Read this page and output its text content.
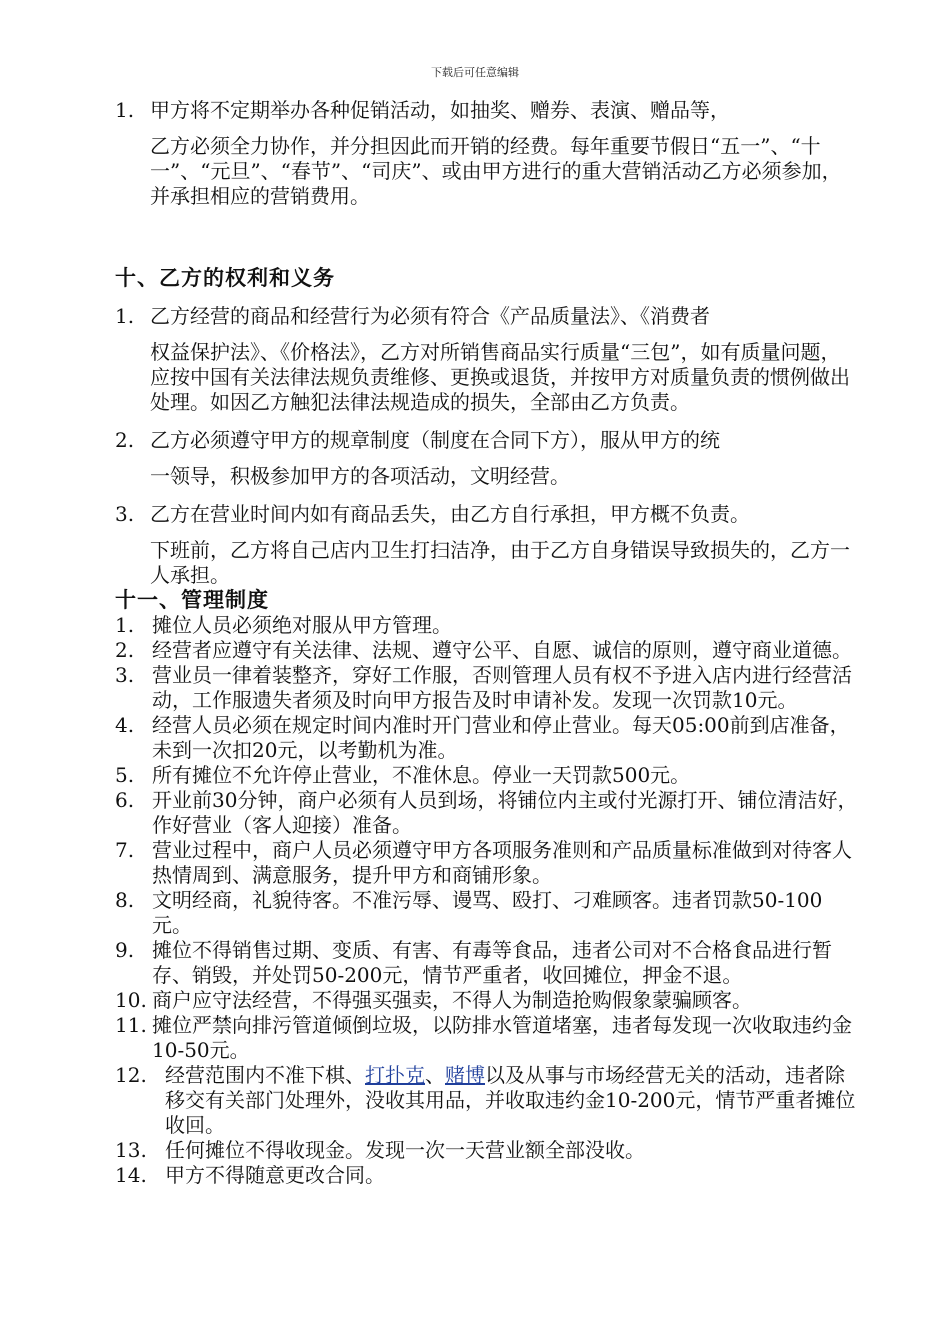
下载后可任意编辑
1. 甲方将不定期举办各种促销活动，如抽奖、赠券、表演、赠品等，
乙方必须全力协作，并分担因此而开销的经费。每年重要节假日“五一”、“十一”、“元旦”、“春节”、“司庆”、或由甲方进行的重大营销活动乙方必须参加，并承担相应的营销费用。
十、乙方的权利和义务
1. 乙方经营的商品和经营行为必须有符合《产品质量法》、《消费者
权益保护法》、《价格法》，乙方对所销售商品实行质量“三包”，如有质量问题，应按中国有关法律法规负责维修、更换或退货，并按甲方对质量负责的惯例做出处理。如因乙方触犯法律法规造成的损失，全部由乙方负责。
2. 乙方必须遵守甲方的规章制度（制度在合同下方），服从甲方的统
一领导，积极参加甲方的各项活动，文明经营。
3. 乙方在营业时间内如有商品丢失，由乙方自行承担，甲方概不负责。
下班前，乙方将自己店内卫生打扫洁净，由于乙方自身错误导致损失的，乙方一人承担。
十一、管理制度
1. 摊位人员必须绝对服从甲方管理。
2. 经营者应遵守有关法律、法规、遵守公平、自愿、诚信的原则，遵守商业道德。
3. 营业员一律着装整齐，穿好工作服，否则管理人员有权不予进入店内进行经营活动，工作服遗失者须及时向甲方报告及时申请补发。发现一次罚款10元。
4. 经营人员必须在规定时间内准时开门营业和停止营业。每天05:00前到店准备，未到一次扣20元，以考勤机为准。
5. 所有摊位不允许停止营业，不准休息。停业一天罚款500元。
6. 开业前30分钟，商户必须有人员到场，将铺位内主或付光源打开、铺位清洁好，作好营业（客人迎接）准备。
7. 营业过程中，商户人员必须遵守甲方各项服务准则和产品质量标准做到对待客人热情周到、满意服务，提升甲方和商铺形象。
8. 文明经商，礼貌待客。不准污辱、谩骂、殴打、刁难顾客。违者罚款50-100元。
9. 摊位不得销售过期、变质、有害、有毒等食品，违者公司对不合格食品进行暂存、销毁，并处罚50-200元，情节严重者，收回摊位，押金不退。
10. 商户应守法经营，不得强买强卖，不得人为制造抢购假象蒙骗顾客。
11. 摊位严禁向排污管道倾倒垃圾，以防排水管道堵塞，违者每发现一次收取违约金10-50元。
12. 经营范围内不准下棋、打扑克、赌博以及从事与市场经营无关的活动，违者除移交有关部门处理外，没收其用品，并收取违约金10-200元，情节严重者摊位收回。
13. 任何摊位不得收现金。发现一次一天营业额全部没收。
14. 甲方不得随意更改合同。
